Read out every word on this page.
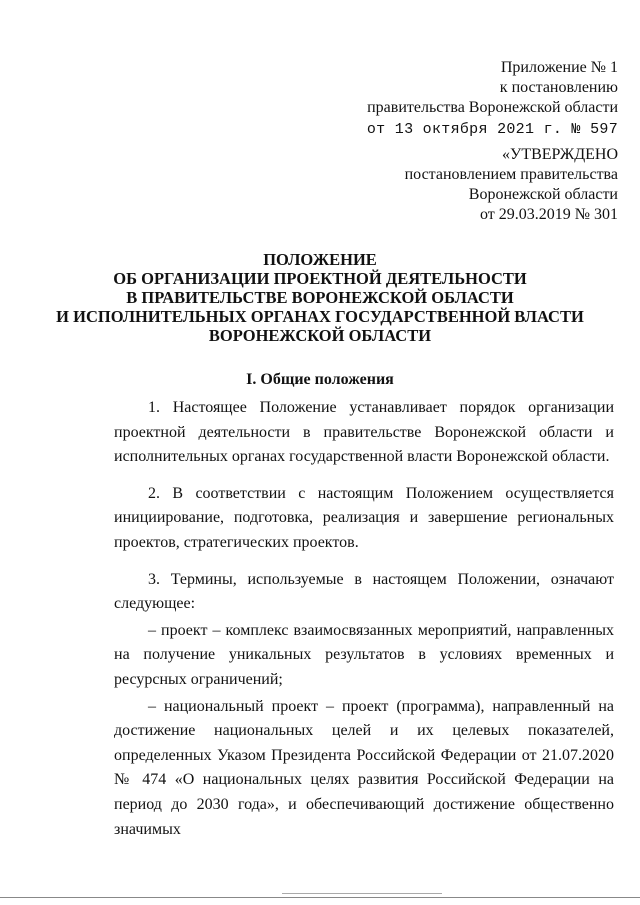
Приложение № 1
к постановлению
правительства Воронежской области
от 13 октября 2021 г. № 597
«УТВЕРЖДЕНО
постановлением правительства
Воронежской области
от 29.03.2019 № 301
ПОЛОЖЕНИЕ
ОБ ОРГАНИЗАЦИИ ПРОЕКТНОЙ ДЕЯТЕЛЬНОСТИ
В ПРАВИТЕЛЬСТВЕ ВОРОНЕЖСКОЙ ОБЛАСТИ
И ИСПОЛНИТЕЛЬНЫХ ОРГАНАХ ГОСУДАРСТВЕННОЙ ВЛАСТИ
ВОРОНЕЖСКОЙ ОБЛАСТИ
I. Общие положения

1. Настоящее Положение устанавливает порядок организации проектной деятельности в правительстве Воронежской области и исполнительных органах государственной власти Воронежской области.

2. В соответствии с настоящим Положением осуществляется инициирование, подготовка, реализация и завершение региональных проектов, стратегических проектов.

3. Термины, используемые в настоящем Положении, означают следующее:

– проект – комплекс взаимосвязанных мероприятий, направленных на получение уникальных результатов в условиях временных и ресурсных ограничений;

– национальный проект – проект (программа), направленный на достижение национальных целей и их целевых показателей, определенных Указом Президента Российской Федерации от 21.07.2020 № 474 «О национальных целях развития Российской Федерации на период до 2030 года», и обеспечивающий достижение общественно значимых
